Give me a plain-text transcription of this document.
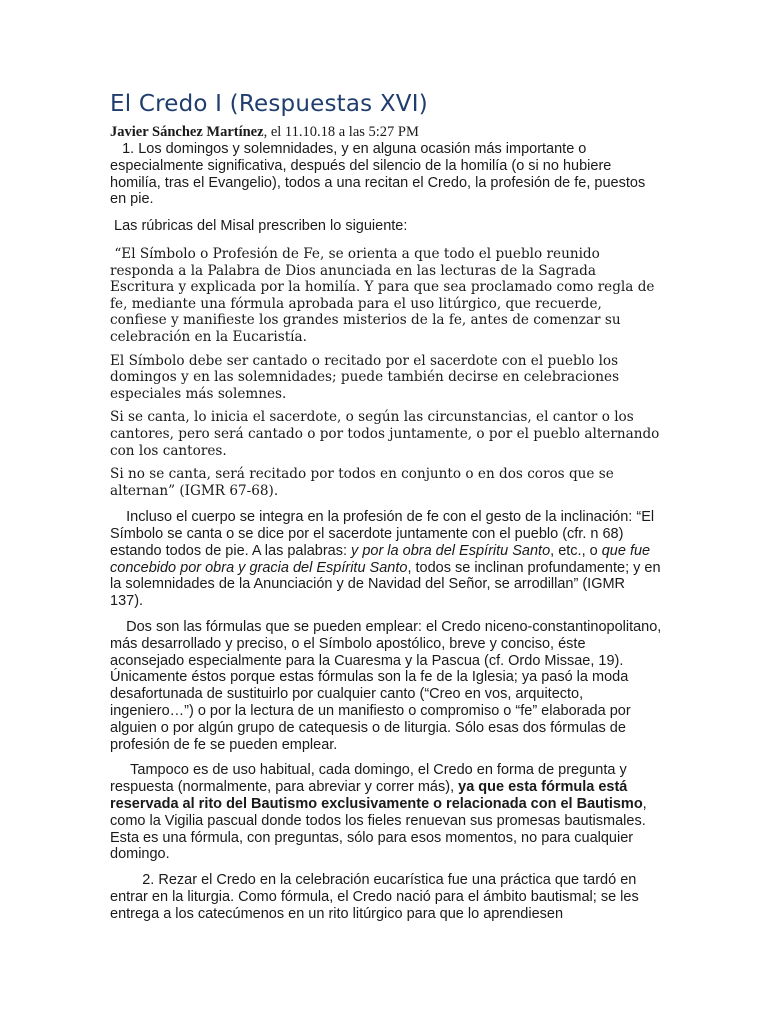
El Credo I (Respuestas XVI)

Javier Sánchez Martínez, el 11.10.18 a las 5:27 PM

1. Los domingos y solemnidades, y en alguna ocasión más importante o especialmente significativa, después del silencio de la homilía (o si no hubiere homilía, tras el Evangelio), todos a una recitan el Credo, la profesión de fe, puestos en pie.

Las rúbricas del Misal prescriben lo siguiente:

“El Símbolo o Profesión de Fe, se orienta a que todo el pueblo reunido responda a la Palabra de Dios anunciada en las lecturas de la Sagrada Escritura y explicada por la homilía. Y para que sea proclamado como regla de fe, mediante una fórmula aprobada para el uso litúrgico, que recuerde, confiese y manifieste los grandes misterios de la fe, antes de comenzar su celebración en la Eucaristía.

El Símbolo debe ser cantado o recitado por el sacerdote con el pueblo los domingos y en las solemnidades; puede también decirse en celebraciones especiales más solemnes.

Si se canta, lo inicia el sacerdote, o según las circunstancias, el cantor o los cantores, pero será cantado o por todos juntamente, o por el pueblo alternando con los cantores.

Si no se canta, será recitado por todos en conjunto o en dos coros que se alternan” (IGMR 67-68).

Incluso el cuerpo se integra en la profesión de fe con el gesto de la inclinación: “El Símbolo se canta o se dice por el sacerdote juntamente con el pueblo (cfr. n 68) estando todos de pie. A las palabras: y por la obra del Espíritu Santo, etc., o que fue concebido por obra y gracia del Espíritu Santo, todos se inclinan profundamente; y en la solemnidades de la Anunciación y de Navidad del Señor, se arrodillan” (IGMR 137).

Dos son las fórmulas que se pueden emplear: el Credo niceno-constantinopolitano, más desarrollado y preciso, o el Símbolo apostólico, breve y conciso, éste aconsejado especialmente para la Cuaresma y la Pascua (cf. Ordo Missae, 19). Únicamente éstos porque estas fórmulas son la fe de la Iglesia; ya pasó la moda desafortunada de sustituirlo por cualquier canto (“Creo en vos, arquitecto, ingeniero…”) o por la lectura de un manifiesto o compromiso o “fe” elaborada por alguien o por algún grupo de catequesis o de liturgia. Sólo esas dos fórmulas de profesión de fe se pueden emplear.

Tampoco es de uso habitual, cada domingo, el Credo en forma de pregunta y respuesta (normalmente, para abreviar y correr más), ya que esta fórmula está reservada al rito del Bautismo exclusivamente o relacionada con el Bautismo, como la Vigilia pascual donde todos los fieles renuevan sus promesas bautismales. Esta es una fórmula, con preguntas, sólo para esos momentos, no para cualquier domingo.

2. Rezar el Credo en la celebración eucarística fue una práctica que tardó en entrar en la liturgia. Como fórmula, el Credo nació para el ámbito bautismal; se les entrega a los catecúmenos en un rito litúrgico para que lo aprendiesen
